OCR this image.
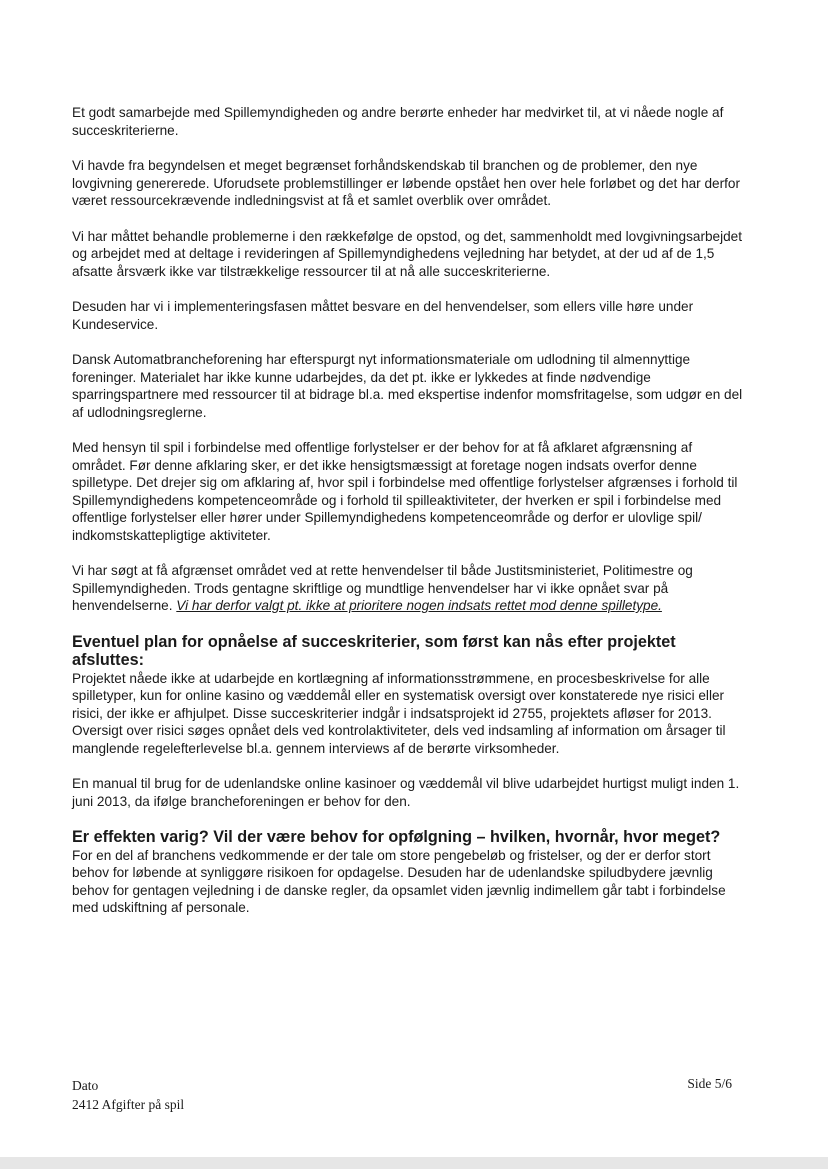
Et godt samarbejde med Spillemyndigheden og andre berørte enheder har medvirket til, at vi nåede nogle af succeskriterierne.

Vi havde fra begyndelsen et meget begrænset forhåndskendskab til branchen og de problemer, den nye lovgivning genererede. Uforudsete problemstillinger er løbende opstået hen over hele forløbet og det har derfor været ressourcekrævende indledningsvist at få et samlet overblik over området.

Vi har måttet behandle problemerne i den rækkefølge de opstod, og det, sammenholdt med lovgivningsarbejdet og arbejdet med at deltage i revideringen af Spillemyndighedens vejledning har betydet, at der ud af de 1,5 afsatte årsværk ikke var tilstrækkelige ressourcer til at nå alle succeskriterierne.

Desuden har vi i implementeringsfasen måttet besvare en del henvendelser, som ellers ville høre under Kundeservice.

Dansk Automatbrancheforening har efterspurgt nyt informationsmateriale om udlodning til almennyttige foreninger. Materialet har ikke kunne udarbejdes, da det pt. ikke er lykkedes at finde nødvendige sparringspartnere med ressourcer til at bidrage bl.a. med ekspertise indenfor momsfritagelse, som udgør en del af udlodningsreglerne.

Med hensyn til spil i forbindelse med offentlige forlystelser er der behov for at få afklaret afgrænsning af området. Før denne afklaring sker, er det ikke hensigtsmæssigt at foretage nogen indsats overfor denne spilletype. Det drejer sig om afklaring af, hvor spil i forbindelse med offentlige forlystelser afgrænses i forhold til Spillemyndighedens kompetenceområde og i forhold til spilleaktiviteter, der hverken er spil i forbindelse med offentlige forlystelser eller hører under Spillemyndighedens kompetenceområde og derfor er ulovlige spil/ indkomstskattepligtige aktiviteter.

Vi har søgt at få afgrænset området ved at rette henvendelser til både Justitsministeriet, Politimestre og Spillemyndigheden. Trods gentagne skriftlige og mundtlige henvendelser har vi ikke opnået svar på henvendelserne. Vi har derfor valgt pt. ikke at prioritere nogen indsats rettet mod denne spilletype.

Eventuel plan for opnåelse af succeskriterier, som først kan nås efter projektet afsluttes:

Projektet nåede ikke at udarbejde en kortlægning af informationsstrømmene, en procesbeskrivelse for alle spilletyper, kun for online kasino og væddemål eller en systematisk oversigt over konstaterede nye risici eller risici, der ikke er afhjulpet. Disse succeskriterier indgår i indsatsprojekt id 2755, projektets afløser for 2013. Oversigt over risici søges opnået dels ved kontrolaktiviteter, dels ved indsamling af information om årsager til manglende regelefterlevelse bl.a. gennem interviews af de berørte virksomheder.

En manual til brug for de udenlandske online kasinoer og væddemål vil blive udarbejdet hurtigst muligt inden 1. juni 2013, da ifølge brancheforeningen er behov for den.

Er effekten varig? Vil der være behov for opfølgning – hvilken, hvornår, hvor meget?

For en del af branchens vedkommende er der tale om store pengebeløb og fristelser, og der er derfor stort behov for løbende at synliggøre risikoen for opdagelse. Desuden har de udenlandske spiludbydere jævnlig behov for gentagen vejledning i de danske regler, da opsamlet viden jævnlig indimellem går tabt i forbindelse med udskiftning af personale.

Dato
2412 Afgifter på spil
Side 5/6
